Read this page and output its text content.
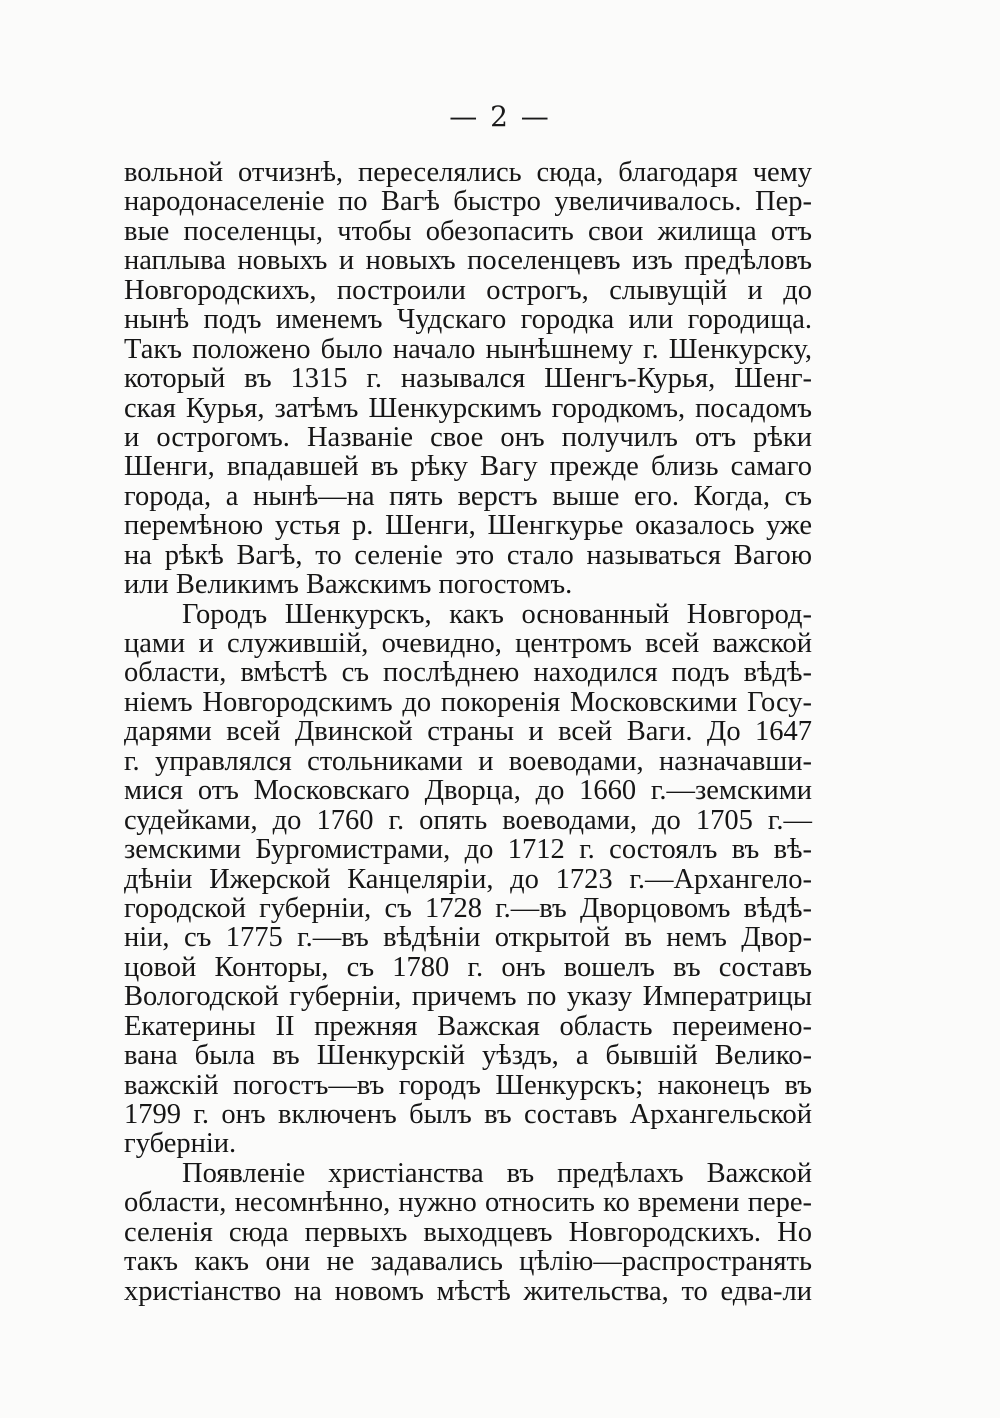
— 2 —
вольной отчизнѣ, переселялись сюда, благодаря чему
народонаселеніе по Вагѣ быстро увеличивалось. Пер-
вые поселенцы, чтобы обезопасить свои жилища отъ
наплыва новыхъ и новыхъ поселенцевъ изъ предѣловъ
Новгородскихъ, построили острогъ, слывущій и до
нынѣ подъ именемъ Чудскаго городка или городища.
Такъ положено было начало нынѣшнему г. Шенкурску,
который въ 1315 г. назывался Шенгъ-Курья, Шенг-
ская Курья, затѣмъ Шенкурскимъ городкомъ, посадомъ
и острогомъ. Названіе свое онъ получилъ отъ рѣки
Шенги, впадавшей въ рѣку Вагу прежде близь самаго
города, а нынѣ—на пять верстъ выше его. Когда, съ
перемѣною устья р. Шенги, Шенгкурье оказалось уже
на рѣкѣ Вагѣ, то селеніе это стало называться Вагою
или Великимъ Важскимъ погостомъ.
Городъ Шенкурскъ, какъ основанный Новгород-
цами и служившій, очевидно, центромъ всей важской
области, вмѣстѣ съ послѣднею находился подъ вѣдѣ-
ніемъ Новгородскимъ до покоренія Московскими Госу-
дарями всей Двинской страны и всей Ваги. До 1647
г. управлялся стольниками и воеводами, назначавши-
мися отъ Московскаго Дворца, до 1660 г.—земскими
судейками, до 1760 г. опять воеводами, до 1705 г.—
земскими Бургомистрами, до 1712 г. состоялъ въ вѣ-
дѣніи Ижерской Канцеляріи, до 1723 г.—Архангело-
городской губерніи, съ 1728 г.—въ Дворцовомъ вѣдѣ-
ніи, съ 1775 г.—въ вѣдѣніи открытой въ немъ Двор-
цовой Конторы, съ 1780 г. онъ вошелъ въ составъ
Вологодской губерніи, причемъ по указу Императрицы
Екатерины II прежняя Важская область переименo-
вана была въ Шенкурскій уѣздъ, а бывшій Велико-
важскій погостъ—въ городъ Шенкурскъ; наконецъ въ
1799 г. онъ включенъ былъ въ составъ Архангельской
губерніи.
Появленіе христіанства въ предѣлахъ Важской
области, несомнѣнно, нужно относить ко времени пере-
селенія сюда первыхъ выходцевъ Новгородскихъ. Но
такъ какъ они не задавались цѣлію—распространять
христіанство на новомъ мѣстѣ жительства, то едва-ли
